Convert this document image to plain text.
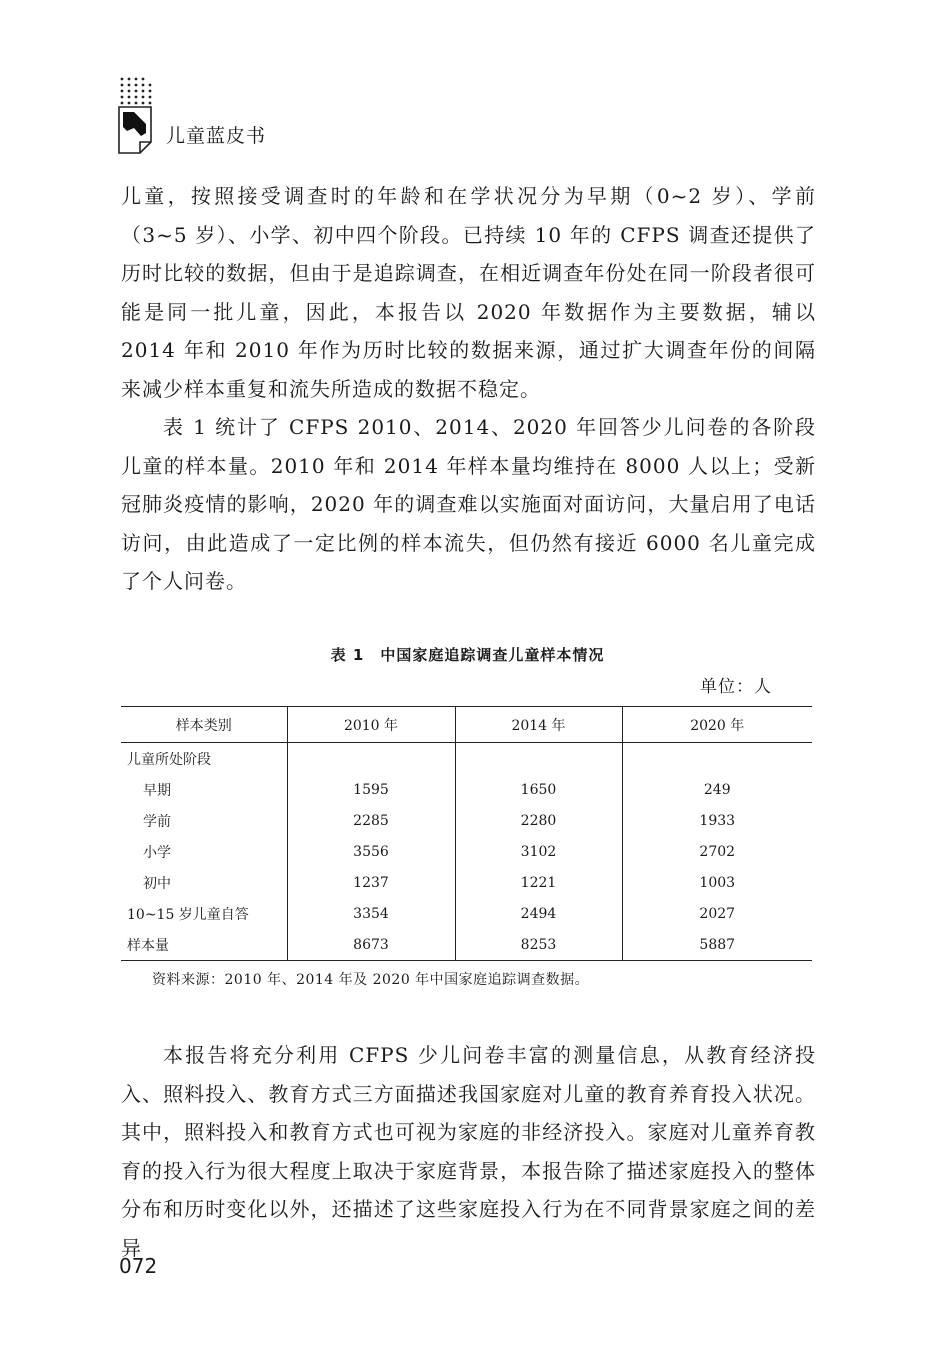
儿童蓝皮书

儿童，按照接受调查时的年龄和在学状况分为早期（0~2 岁）、学前（3~5 岁）、小学、初中四个阶段。已持续 10 年的 CFPS 调查还提供了历时比较的数据，但由于是追踪调查，在相近调查年份处在同一阶段者很可能是同一批儿童，因此，本报告以 2020 年数据作为主要数据，辅以 2014 年和 2010 年作为历时比较的数据来源，通过扩大调查年份的间隔来减少样本重复和流失所造成的数据不稳定。

表 1 统计了 CFPS 2010、2014、2020 年回答少儿问卷的各阶段儿童的样本量。2010 年和 2014 年样本量均维持在 8000 人以上；受新冠肺炎疫情的影响，2020 年的调查难以实施面对面访问，大量启用了电话访问，由此造成了一定比例的样本流失，但仍然有接近 6000 名儿童完成了个人问卷。

表 1　中国家庭追踪调查儿童样本情况
单位：人
样本类别	2010 年	2014 年	2020 年
儿童所处阶段			
早期	1595	1650	249
学前	2285	2280	1933
小学	3556	3102	2702
初中	1237	1221	1003
10~15 岁儿童自答	3354	2494	2027
样本量	8673	8253	5887
资料来源：2010 年、2014 年及 2020 年中国家庭追踪调查数据。

本报告将充分利用 CFPS 少儿问卷丰富的测量信息，从教育经济投入、照料投入、教育方式三方面描述我国家庭对儿童的教育养育投入状况。其中，照料投入和教育方式也可视为家庭的非经济投入。家庭对儿童养育教育的投入行为很大程度上取决于家庭背景，本报告除了描述家庭投入的整体分布和历时变化以外，还描述了这些家庭投入行为在不同背景家庭之间的差异

072
